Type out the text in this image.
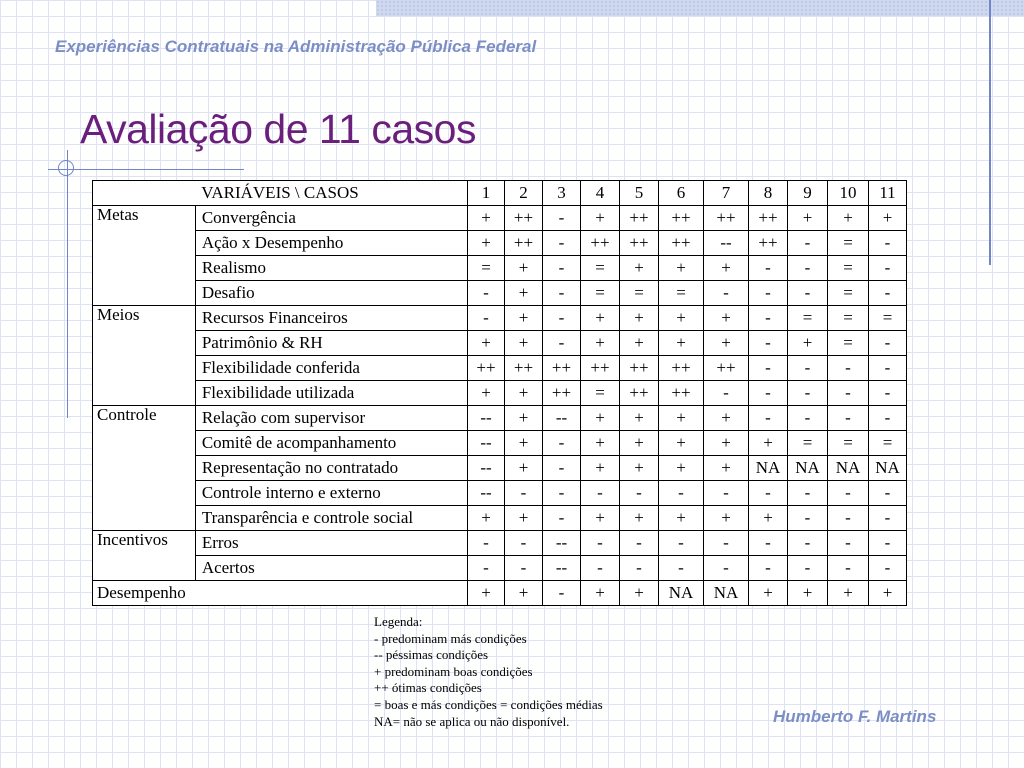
Experiências Contratuais na Administração Pública Federal
Avaliação de 11 casos
VARIÁVEIS \ CASOS		1	2	3	4	5	6	7	8	9	10	11
Metas	Convergência	+	++	-	+	++	++	++	++	+	+	+
	Ação x Desempenho	+	++	-	++	++	++	--	++	-	=	-
	Realismo	=	+	-	=	+	+	+	-	-	=	-
	Desafio	-	+	-	=	=	=	-	-	-	=	-
Meios	Recursos Financeiros	-	+	-	+	+	+	+	-	=	=	=
	Patrimônio & RH	+	+	-	+	+	+	+	-	+	=	-
	Flexibilidade conferida	++	++	++	++	++	++	++	-	-	-	-
	Flexibilidade utilizada	+	+	++	=	++	++	-	-	-	-	-
Controle	Relação com supervisor	--	+	--	+	+	+	+	-	-	-	-
	Comitê de acompanhamento	--	+	-	+	+	+	+	+	=	=	=
	Representação no contratado	--	+	-	+	+	+	+	NA	NA	NA	NA
	Controle interno e externo	--	-	-	-	-	-	-	-	-	-	-
	Transparência e controle social	+	+	-	+	+	+	+	+	-	-	-
Incentivos	Erros	-	-	--	-	-	-	-	-	-	-	-
	Acertos	-	-	--	-	-	-	-	-	-	-	-
Desempenho		+	+	-	+	+	NA	NA	+	+	+	+
Legenda:
- predominam más condições
-- péssimas condições
+ predominam boas condições
++ ótimas condições
= boas e más condições = condições médias
NA= não se aplica ou não disponível.	Humberto F. Martins
